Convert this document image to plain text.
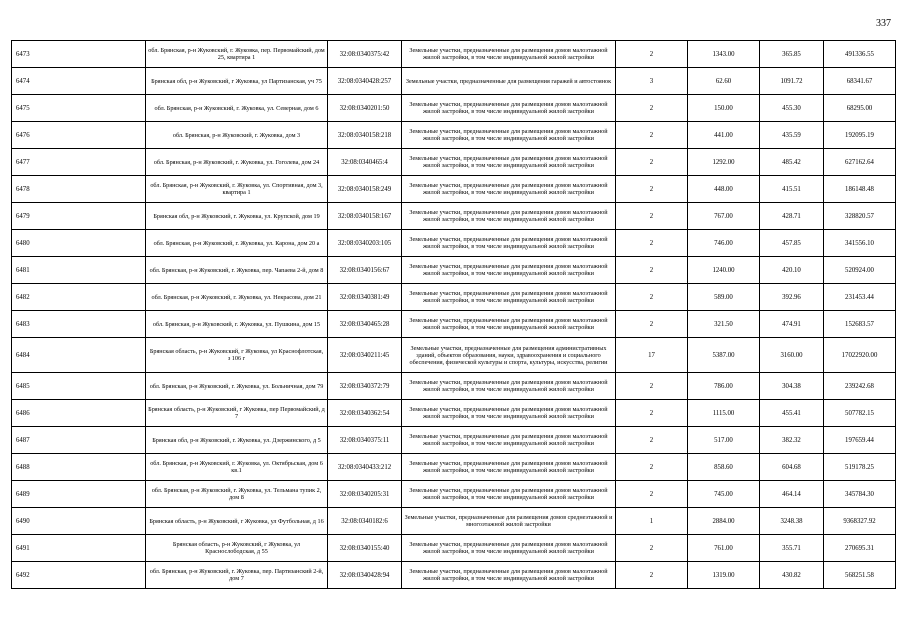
337
6473	обл. Брянская, р-н Жуковский, г. Жуковка, пер. Первомайский, дом 25, квартира 1	32:08:0340375:42	Земельные участки, предназначенные для размещения домов малоэтажной жилой застройки, в том числе индивидуальной жилой застройки	2	1343.00	365.85	491336.55
6474	Брянская обл, р-н Жуковский, г Жуковка, ул Партизанская, уч 75	32:08:0340428:257	Земельные участки, предназначенные для размещения гаражей и автостоянок	3	62.60	1091.72	68341.67
6475	обл. Брянская, р-н Жуковский, г. Жуковка, ул. Северная, дом 6	32:08:0340201:50	Земельные участки, предназначенные для размещения домов малоэтажной жилой застройки, в том числе индивидуальной жилой застройки	2	150.00	455.30	68295.00
6476	обл. Брянская, р-н Жуковский, г. Жуковка, дом 3	32:08:0340158:218	Земельные участки, предназначенные для размещения домов малоэтажной жилой застройки, в том числе индивидуальной жилой застройки	2	441.00	435.59	192095.19
6477	обл. Брянская, р-н Жуковский, г. Жуковка, ул. Гоголева, дом 24	32:08:0340465:4	Земельные участки, предназначенные для размещения домов малоэтажной жилой застройки, в том числе индивидуальной жилой застройки	2	1292.00	485.42	627162.64
6478	обл. Брянская, р-н Жуковский, г. Жуковка, ул. Спортивная, дом 3, квартира 1	32:08:0340158:249	Земельные участки, предназначенные для размещения домов малоэтажной жилой застройки, в том числе индивидуальной жилой застройки	2	448.00	415.51	186148.48
6479	Брянская обл, р-н Жуковский, г. Жуковка, ул. Крупской, дом 19	32:08:0340158:167	Земельные участки, предназначенные для размещения домов малоэтажной жилой застройки, в том числе индивидуальной жилой застройки	2	767.00	428.71	328820.57
6480	обл. Брянская, р-н Жуковский, г. Жуковка, ул. Карона, дом 20 а	32:08:0340203:105	Земельные участки, предназначенные для размещения домов малоэтажной жилой застройки, в том числе индивидуальной жилой застройки	2	746.00	457.85	341556.10
6481	обл. Брянская, р-н Жуковский, г. Жуковка, пер. Чапаева 2-й, дом 8	32:08:0340156:67	Земельные участки, предназначенные для размещения домов малоэтажной жилой застройки, в том числе индивидуальной жилой застройки	2	1240.00	420.10	520924.00
6482	обл. Брянская, р-н Жуковский, г. Жуковка, ул. Некрасова, дом 21	32:08:0340381:49	Земельные участки, предназначенные для размещения домов малоэтажной жилой застройки, в том числе индивидуальной жилой застройки	2	589.00	392.96	231453.44
6483	обл. Брянская, р-н Жуковский, г. Жуковка, ул. Пушкина, дом 15	32:08:0340465:28	Земельные участки, предназначенные для размещения домов малоэтажной жилой застройки, в том числе индивидуальной жилой застройки	2	321.50	474.91	152683.57
6484	Брянская область, р-н Жуковский, г Жуковка, ул Краснофлотская, з 106 г	32:08:0340211:45	Земельные участки, предназначенные для размещения административных зданий, объектов образования, науки, здравоохранения и социального обеспечения, физической культуры и спорта, культуры, искусства, религии	17	5387.00	3160.00	17022920.00
6485	обл. Брянская, р-н Жуковский, г. Жуковка, ул. Больничная, дом 79	32:08:0340372:79	Земельные участки, предназначенные для размещения домов малоэтажной жилой застройки, в том числе индивидуальной жилой застройки	2	786.00	304.38	239242.68
6486	Брянская область, р-н Жуковский, г Жуковка, пер Первомайский, д 7	32:08:0340362:54	Земельные участки, предназначенные для размещения домов малоэтажной жилой застройки, в том числе индивидуальной жилой застройки	2	1115.00	455.41	507782.15
6487	Брянская обл, р-н Жуковский, г. Жуковка, ул. Дзержинского, д 5	32:08:0340375:11	Земельные участки, предназначенные для размещения домов малоэтажной жилой застройки, в том числе индивидуальной жилой застройки	2	517.00	382.32	197659.44
6488	обл. Брянская, р-н Жуковский, г. Жуковка, ул. Октябрьская, дом 6 кв.1	32:08:0340433:212	Земельные участки, предназначенные для размещения домов малоэтажной жилой застройки, в том числе индивидуальной жилой застройки	2	858.60	604.68	519178.25
6489	обл. Брянская, р-н Жуковский, г. Жуковка, ул. Тельмана тупик 2, дом 8	32:08:0340205:31	Земельные участки, предназначенные для размещения домов малоэтажной жилой застройки, в том числе индивидуальной жилой застройки	2	745.00	464.14	345784.30
6490	Брянская область, р-н Жуковский, г Жуковка, ул Футбольная, д 16	32:08:0340182:6	Земельные участки, предназначенные для размещения домов среднеэтажной и многоэтажной жилой застройки	1	2884.00	3248.38	9368327.92
6491	Брянская область, р-н Жуковский, г Жуковка, ул Краснослободская, д 55	32:08:0340155:40	Земельные участки, предназначенные для размещения домов малоэтажной жилой застройки, в том числе индивидуальной жилой застройки	2	761.00	355.71	270695.31
6492	обл. Брянская, р-н Жуковский, г. Жуковка, пер. Партизанский 2-й, дом 7	32:08:0340428:94	Земельные участки, предназначенные для размещения домов малоэтажной жилой застройки, в том числе индивидуальной жилой застройки	2	1319.00	430.82	568251.58
